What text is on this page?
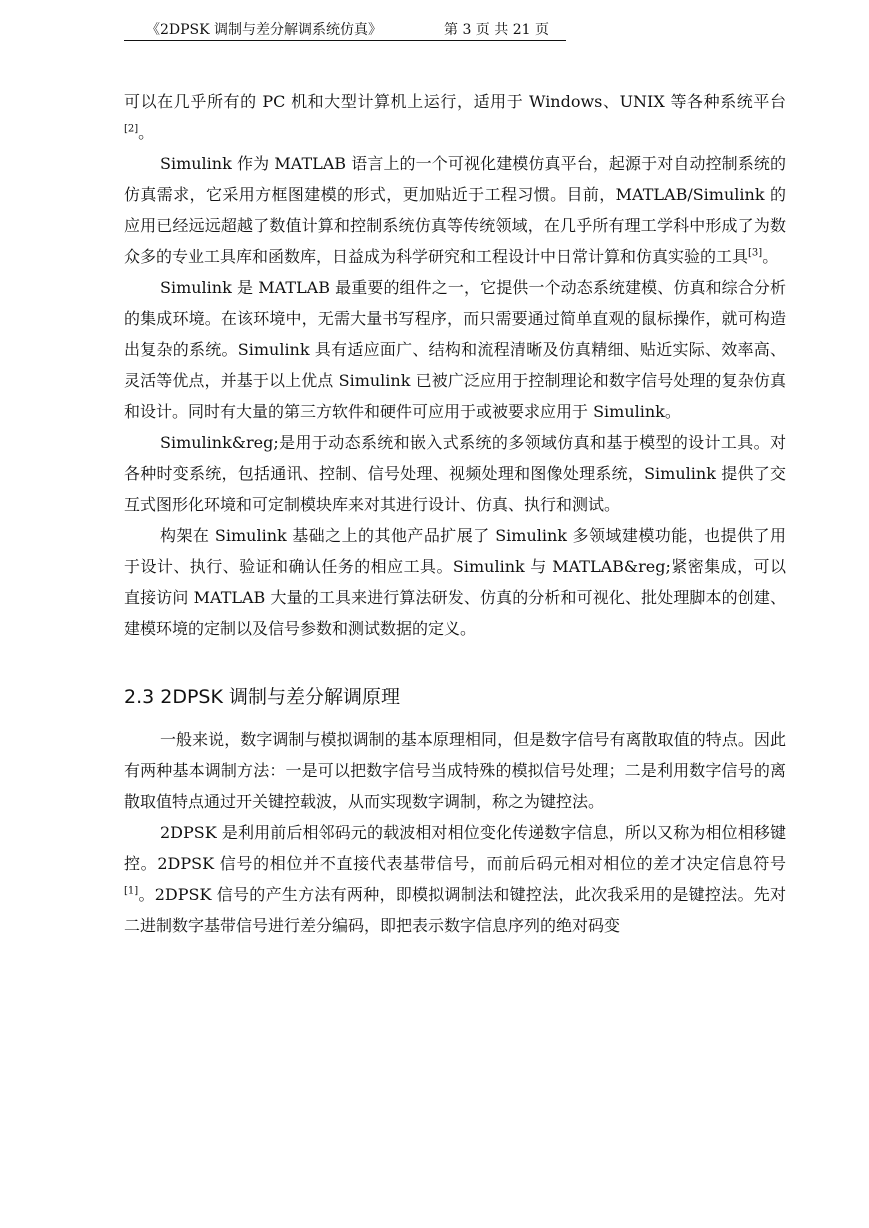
《2DPSK 调制与差分解调系统仿真》	第 3 页 共 21 页

可以在几乎所有的 PC 机和大型计算机上运行，适用于 Windows、UNIX 等各种系统平台[2]。

Simulink 作为 MATLAB 语言上的一个可视化建模仿真平台，起源于对自动控制系统的仿真需求，它采用方框图建模的形式，更加贴近于工程习惯。目前，MATLAB/Simulink 的应用已经远远超越了数值计算和控制系统仿真等传统领域，在几乎所有理工学科中形成了为数众多的专业工具库和函数库，日益成为科学研究和工程设计中日常计算和仿真实验的工具[3]。

Simulink 是 MATLAB 最重要的组件之一，它提供一个动态系统建模、仿真和综合分析的集成环境。在该环境中，无需大量书写程序，而只需要通过简单直观的鼠标操作，就可构造出复杂的系统。Simulink 具有适应面广、结构和流程清晰及仿真精细、贴近实际、效率高、灵活等优点，并基于以上优点 Simulink 已被广泛应用于控制理论和数字信号处理的复杂仿真和设计。同时有大量的第三方软件和硬件可应用于或被要求应用于 Simulink。

Simulink&reg;是用于动态系统和嵌入式系统的多领域仿真和基于模型的设计工具。对各种时变系统，包括通讯、控制、信号处理、视频处理和图像处理系统，Simulink 提供了交互式图形化环境和可定制模块库来对其进行设计、仿真、执行和测试。

构架在 Simulink 基础之上的其他产品扩展了 Simulink 多领域建模功能，也提供了用于设计、执行、验证和确认任务的相应工具。Simulink 与 MATLAB&reg;紧密集成，可以直接访问 MATLAB 大量的工具来进行算法研发、仿真的分析和可视化、批处理脚本的创建、建模环境的定制以及信号参数和测试数据的定义。

2.3 2DPSK 调制与差分解调原理

一般来说，数字调制与模拟调制的基本原理相同，但是数字信号有离散取值的特点。因此有两种基本调制方法：一是可以把数字信号当成特殊的模拟信号处理；二是利用数字信号的离散取值特点通过开关键控载波，从而实现数字调制，称之为键控法。

2DPSK 是利用前后相邻码元的载波相对相位变化传递数字信息，所以又称为相位相移键控。2DPSK 信号的相位并不直接代表基带信号，而前后码元相对相位的差才决定信息符号[1]。2DPSK 信号的产生方法有两种，即模拟调制法和键控法，此次我采用的是键控法。先对二进制数字基带信号进行差分编码，即把表示数字信息序列的绝对码变
